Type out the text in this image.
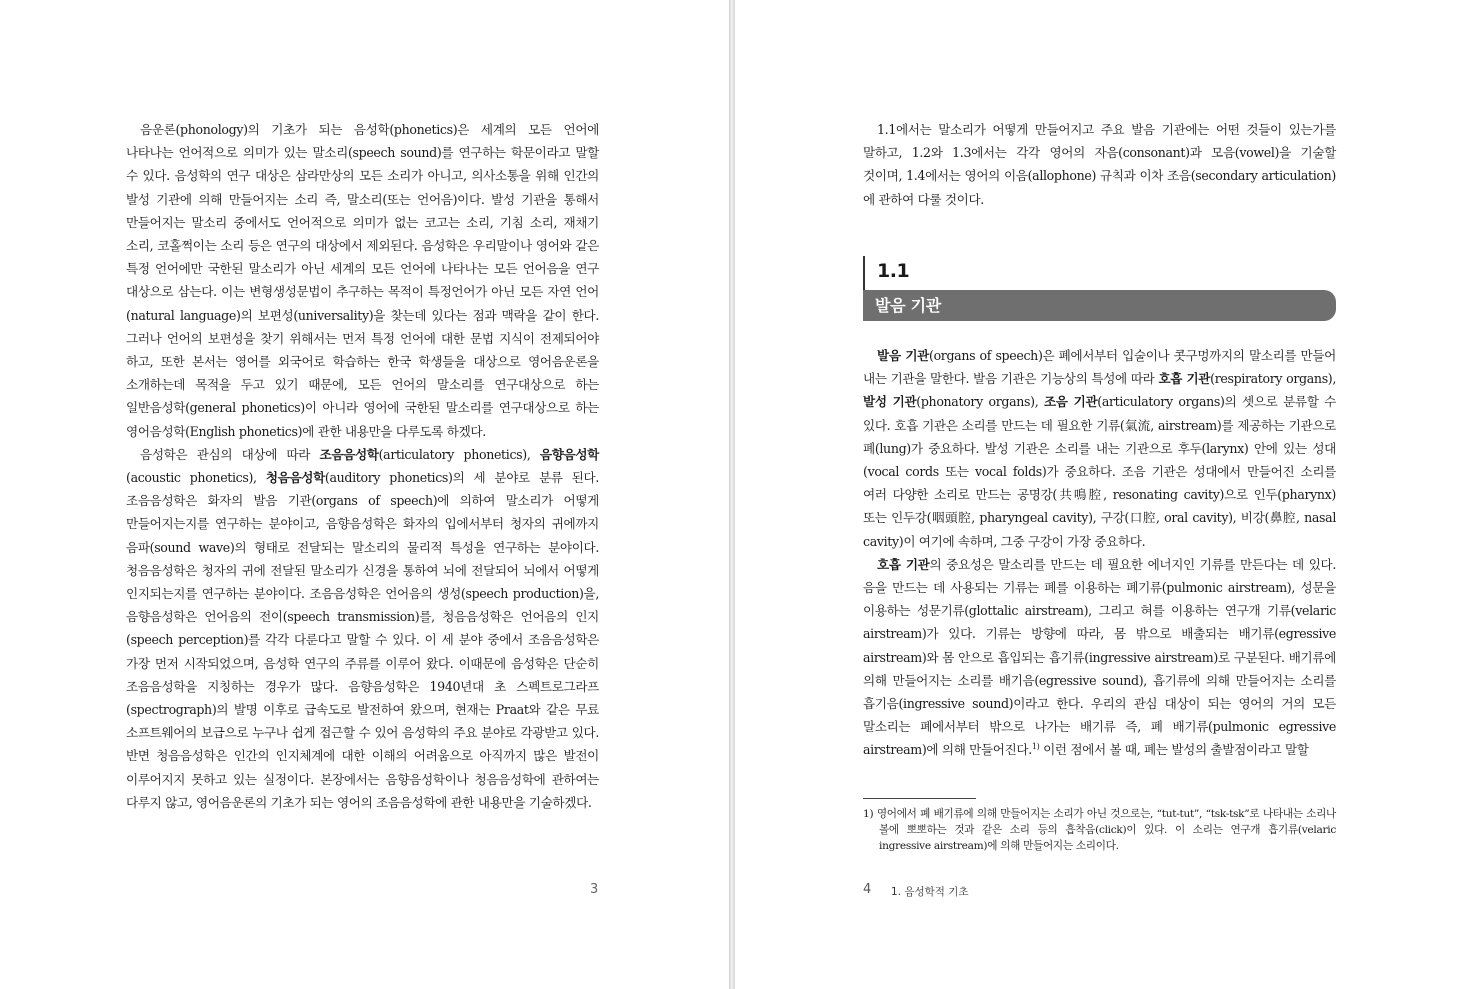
음운론(phonology)의 기초가 되는 음성학(phonetics)은 세계의 모든 언어에 나타나는 언어적으로 의미가 있는 말소리(speech sound)를 연구하는 학문이라고 말할 수 있다. 음성학의 연구 대상은 삼라만상의 모든 소리가 아니고, 의사소통을 위해 인간의 발성 기관에 의해 만들어지는 소리 즉, 말소리(또는 언어음)이다. 발성 기관을 통해서 만들어지는 말소리 중에서도 언어적으로 의미가 없는 코고는 소리, 기침 소리, 재채기 소리, 코홀쩍이는 소리 등은 연구의 대상에서 제외된다. 음성학은 우리말이나 영어와 같은 특정 언어에만 국한된 말소리가 아닌 세계의 모든 언어에 나타나는 모든 언어음을 연구 대상으로 삼는다. 이는 변형생성문법이 추구하는 목적이 특정언어가 아닌 모든 자연 언어(natural language)의 보편성(universality)을 찾는데 있다는 점과 맥락을 같이 한다. 그러나 언어의 보편성을 찾기 위해서는 먼저 특정 언어에 대한 문법 지식이 전제되어야 하고, 또한 본서는 영어를 외국어로 학습하는 한국 학생들을 대상으로 영어음운론을 소개하는데 목적을 두고 있기 때문에, 모든 언어의 말소리를 연구대상으로 하는 일반음성학(general phonetics)이 아니라 영어에 국한된 말소리를 연구대상으로 하는 영어음성학(English phonetics)에 관한 내용만을 다루도록 하겠다.

음성학은 관심의 대상에 따라 조음음성학(articulatory phonetics), 음향음성학(acoustic phonetics), 청음음성학(auditory phonetics)의 세 분야로 분류 된다. 조음음성학은 화자의 발음 기관(organs of speech)에 의하여 말소리가 어떻게 만들어지는지를 연구하는 분야이고, 음향음성학은 화자의 입에서부터 청자의 귀에까지 음파(sound wave)의 형태로 전달되는 말소리의 물리적 특성을 연구하는 분야이다. 청음음성학은 청자의 귀에 전달된 말소리가 신경을 통하여 뇌에 전달되어 뇌에서 어떻게 인지되는지를 연구하는 분야이다. 조음음성학은 언어음의 생성(speech production)을, 음향음성학은 언어음의 전이(speech transmission)를, 청음음성학은 언어음의 인지(speech perception)를 각각 다룬다고 말할 수 있다. 이 세 분야 중에서 조음음성학은 가장 먼저 시작되었으며, 음성학 연구의 주류를 이루어 왔다. 이때문에 음성학은 단순히 조음음성학을 지칭하는 경우가 많다. 음향음성학은 1940년대 초 스펙트로그라프(spectrograph)의 발명 이후로 급속도로 발전하여 왔으며, 현재는 Praat와 같은 무료 소프트웨어의 보급으로 누구나 쉽게 접근할 수 있어 음성학의 주요 분야로 각광받고 있다. 반면 청음음성학은 인간의 인지체계에 대한 이해의 어려움으로 아직까지 많은 발전이 이루어지지 못하고 있는 실정이다. 본장에서는 음향음성학이나 청음음성학에 관하여는 다루지 않고, 영어음운론의 기초가 되는 영어의 조음음성학에 관한 내용만을 기술하겠다.

3

1.1에서는 말소리가 어떻게 만들어지고 주요 발음 기관에는 어떤 것들이 있는가를 말하고, 1.2와 1.3에서는 각각 영어의 자음(consonant)과 모음(vowel)을 기술할 것이며, 1.4에서는 영어의 이음(allophone) 규칙과 이차 조음(secondary articulation)에 관하여 다룰 것이다.

1.1
발음 기관

발음 기관(organs of speech)은 폐에서부터 입술이나 콧구멍까지의 말소리를 만들어 내는 기관을 말한다. 발음 기관은 기능상의 특성에 따라 호흡 기관(respiratory organs), 발성 기관(phonatory organs), 조음 기관(articulatory organs)의 셋으로 분류할 수 있다. 호흡 기관은 소리를 만드는 데 필요한 기류(氣流, airstream)를 제공하는 기관으로 폐(lung)가 중요하다. 발성 기관은 소리를 내는 기관으로 후두(larynx) 안에 있는 성대(vocal cords 또는 vocal folds)가 중요하다. 조음 기관은 성대에서 만들어진 소리를 여러 다양한 소리로 만드는 공명강(共鳴腔, resonating cavity)으로 인두(pharynx) 또는 인두강(咽頭腔, pharyngeal cavity), 구강(口腔, oral cavity), 비강(鼻腔, nasal cavity)이 여기에 속하며, 그중 구강이 가장 중요하다.

호흡 기관의 중요성은 말소리를 만드는 데 필요한 에너지인 기류를 만든다는 데 있다. 음을 만드는 데 사용되는 기류는 폐를 이용하는 폐기류(pulmonic airstream), 성문을 이용하는 성문기류(glottalic airstream), 그리고 혀를 이용하는 연구개 기류(velaric airstream)가 있다. 기류는 방향에 따라, 몸 밖으로 배출되는 배기류(egressive airstream)와 몸 안으로 흡입되는 흡기류(ingressive airstream)로 구분된다. 배기류에 의해 만들어지는 소리를 배기음(egressive sound), 흡기류에 의해 만들어지는 소리를 흡기음(ingressive sound)이라고 한다. 우리의 관심 대상이 되는 영어의 거의 모든 말소리는 폐에서부터 밖으로 나가는 배기류 즉, 폐 배기류(pulmonic egressive airstream)에 의해 만들어진다.$^{1)}$ 이런 점에서 볼 때, 폐는 발성의 출발점이라고 말할

1) 영어에서 폐 배기류에 의해 만들어지는 소리가 아닌 것으로는, “tut-tut”, “tsk-tsk”로 나타내는 소리나 볼에 뽀뽀하는 것과 같은 소리 등의 흡착음(click)이 있다. 이 소리는 연구개 흡기류(velaric ingressive airstream)에 의해 만들어지는 소리이다.
4 1. 음성학적 기초
